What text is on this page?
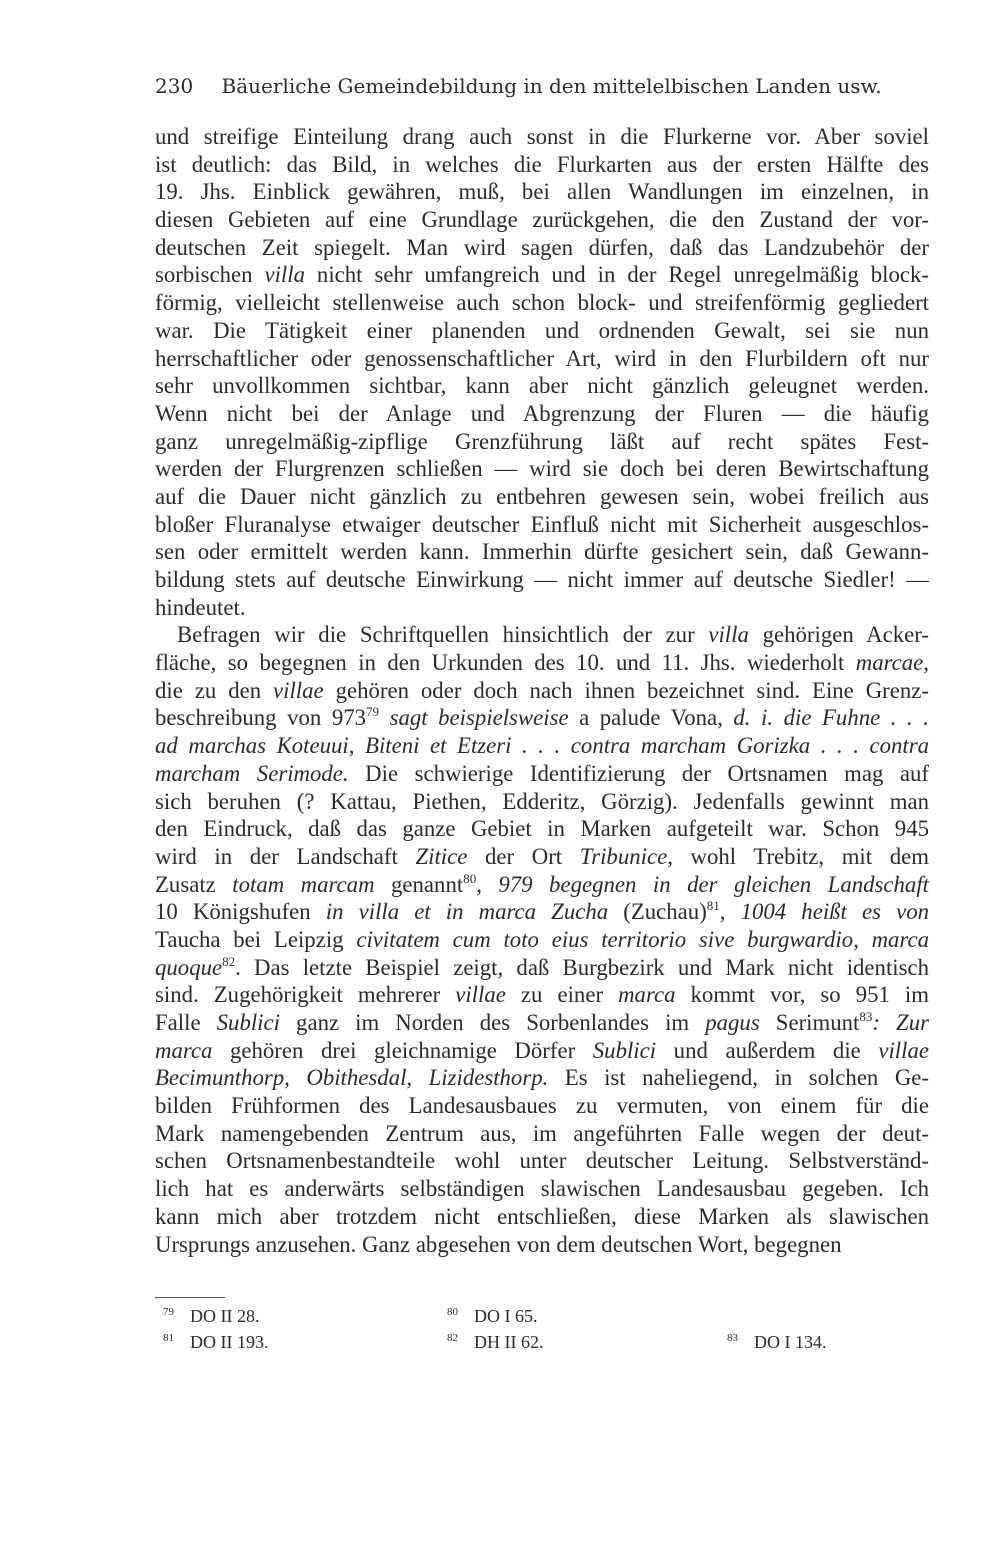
230 Bäuerliche Gemeindebildung in den mittelelbischen Landen usw.
und streifige Einteilung drang auch sonst in die Flurkerne vor. Aber soviel
ist deutlich: das Bild, in welches die Flurkarten aus der ersten Hälfte des
19. Jhs. Einblick gewähren, muß, bei allen Wandlungen im einzelnen, in
diesen Gebieten auf eine Grundlage zurückgehen, die den Zustand der vor-
deutschen Zeit spiegelt. Man wird sagen dürfen, daß das Landzubehör der
sorbischen villa nicht sehr umfangreich und in der Regel unregelmäßig block-
förmig, vielleicht stellenweise auch schon block- und streifenförmig gegliedert
war. Die Tätigkeit einer planenden und ordnenden Gewalt, sei sie nun
herrschaftlicher oder genossenschaftlicher Art, wird in den Flurbildern oft nur
sehr unvollkommen sichtbar, kann aber nicht gänzlich geleugnet werden.
Wenn nicht bei der Anlage und Abgrenzung der Fluren — die häufig
ganz unregelmäßig-zipflige Grenzführung läßt auf recht spätes Fest-
werden der Flurgrenzen schließen — wird sie doch bei deren Bewirtschaftung
auf die Dauer nicht gänzlich zu entbehren gewesen sein, wobei freilich aus
bloßer Fluranalyse etwaiger deutscher Einfluß nicht mit Sicherheit ausgeschlos-
sen oder ermittelt werden kann. Immerhin dürfte gesichert sein, daß Gewann-
bildung stets auf deutsche Einwirkung — nicht immer auf deutsche Siedler! —
hindeutet.
Befragen wir die Schriftquellen hinsichtlich der zur villa gehörigen Acker-
fläche, so begegnen in den Urkunden des 10. und 11. Jhs. wiederholt marcae,
die zu den villae gehören oder doch nach ihnen bezeichnet sind. Eine Grenz-
beschreibung von $973^{79}$ sagt beispielsweise a palude Vona, d. i. die Fuhne . . .
ad marchas Koteuui, Biteni et Etzeri . . . contra marcham Gorizka . . . contra
marcham Serimode. Die schwierige Identifizierung der Ortsnamen mag auf
sich beruhen (? Kattau, Piethen, Edderitz, Görzig). Jedenfalls gewinnt man
den Eindruck, daß das ganze Gebiet in Marken aufgeteilt war. Schon 945
wird in der Landschaft Zitice der Ort Tribunice, wohl Trebitz, mit dem
Zusatz totam marcam genannt$^{80}$, 979 begegnen in der gleichen Landschaft
10 Königshufen in villa et in marca Zucha (Zuchau)$^{81}$, 1004 heißt es von
Taucha bei Leipzig civitatem cum toto eius territorio sive burgwardio, marca
quoque$^{82}$. Das letzte Beispiel zeigt, daß Burgbezirk und Mark nicht identisch
sind. Zugehörigkeit mehrerer villae zu einer marca kommt vor, so 951 im
Falle Sublici ganz im Norden des Sorbenlandes im pagus Serimunt$^{83}$: Zur
marca gehören drei gleichnamige Dörfer Sublici und außerdem die villae
Becimunthorp, Obithesdal, Lizidesthorp. Es ist naheliegend, in solchen Ge-
bilden Frühformen des Landesausbaues zu vermuten, von einem für die
Mark namengebenden Zentrum aus, im angeführten Falle wegen der deut-
schen Ortsnamenbestandteile wohl unter deutscher Leitung. Selbstverständ-
lich hat es anderwärts selbständigen slawischen Landesausbau gegeben. Ich
kann mich aber trotzdem nicht entschließen, diese Marken als slawischen
Ursprungs anzusehen. Ganz abgesehen von dem deutschen Wort, begegnen
$^{79}$ DO II 28.	$^{80}$ DO I 65.
$^{81}$ DO II 193.	$^{82}$ DH II 62.	$^{83}$ DO I 134.
